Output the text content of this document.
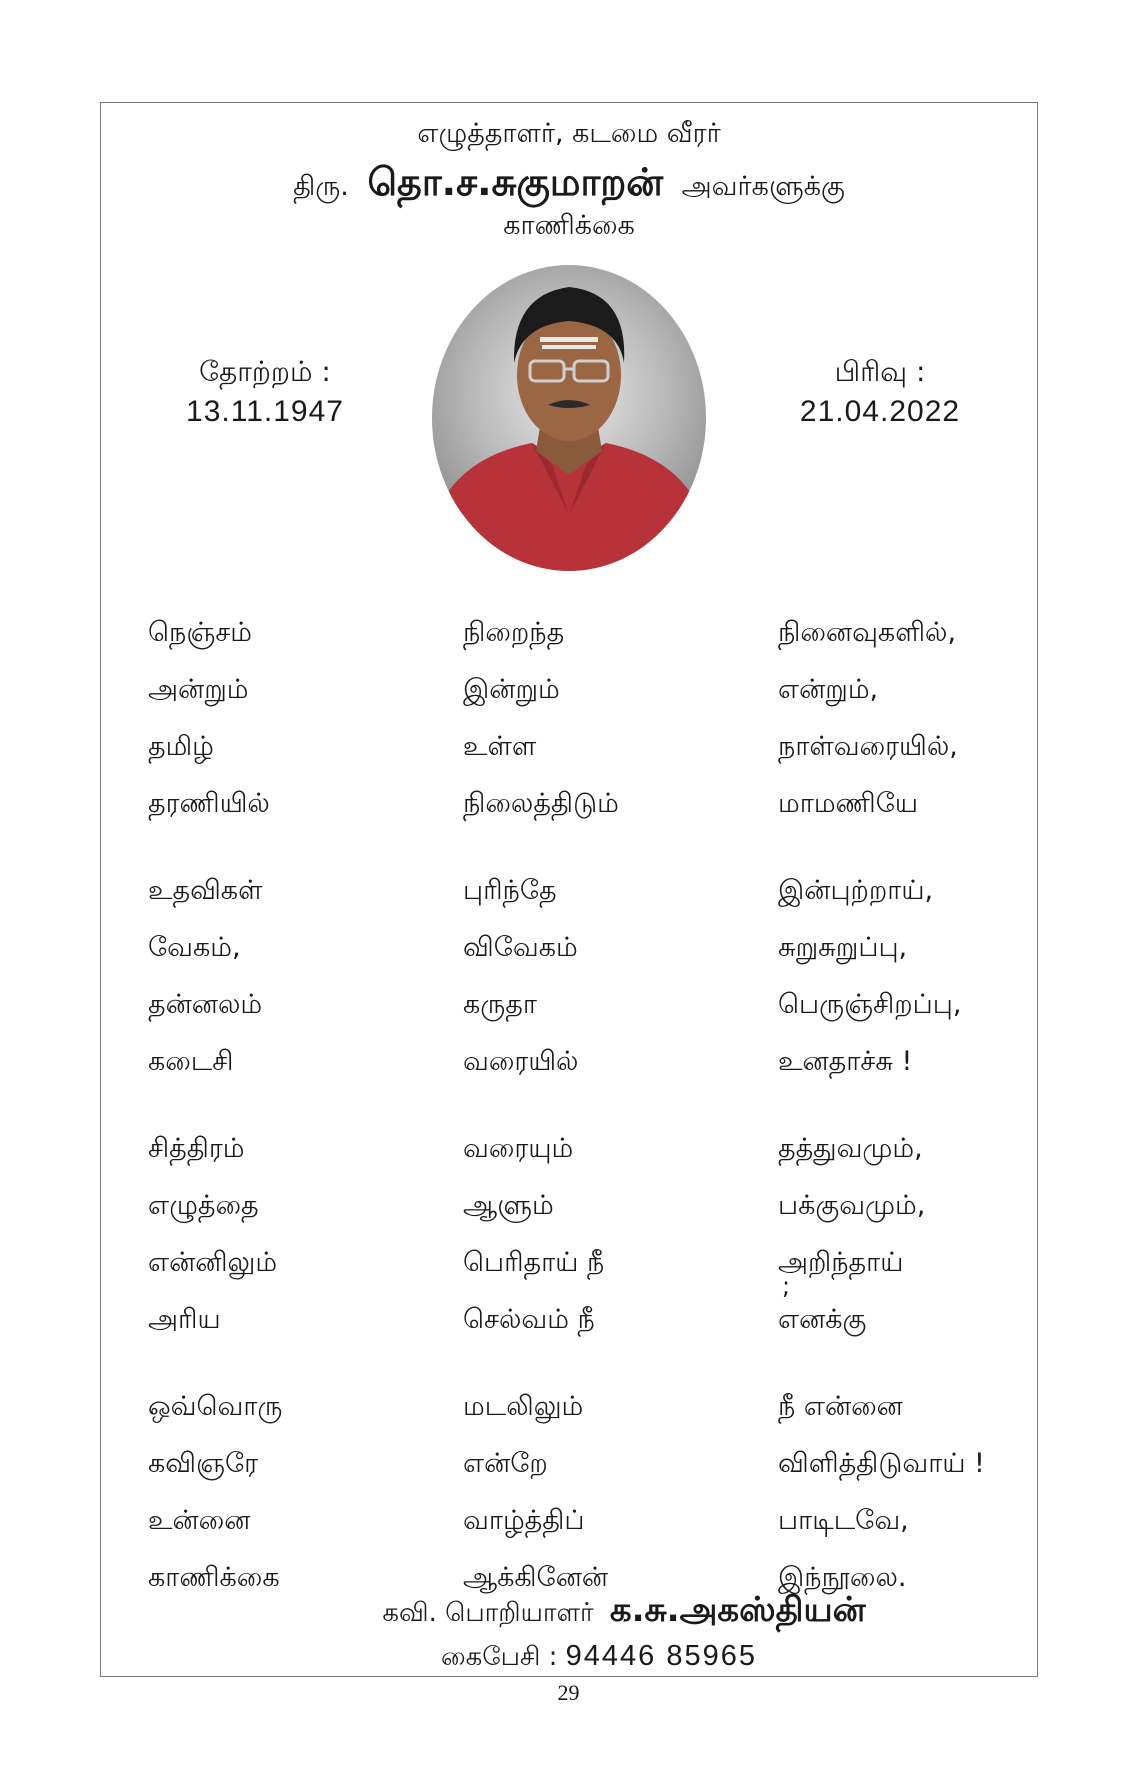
எழுத்தாளர், கடமை வீரர்
திரு. தொ.ச.சுகுமாறன் அவர்களுக்கு
காணிக்கை
தோற்றம் :
13.11.1947
பிரிவு :
21.04.2022
நெஞ்சம்	நிறைந்த	நினைவுகளில்,
அன்றும்	இன்றும்	என்றும்,
தமிழ்	உள்ள	நாள்வரையில்,
தரணியில்	நிலைத்திடும்	மாமணியே
உதவிகள்	புரிந்தே	இன்புற்றாய்,
வேகம்,	விவேகம்	சுறுசுறுப்பு,
தன்னலம்	கருதா	பெருஞ்சிறப்பு,
கடைசி	வரையில்	உனதாச்சு !
சித்திரம்	வரையும்	தத்துவமும்,
எழுத்தை	ஆளும்	பக்குவமும்,
என்னிலும்	பெரிதாய் நீ	அறிந்தாய்
அரிய	செல்வம் நீ	எனக்கு
ஒவ்வொரு	மடலிலும்	நீ என்னை
கவிஞரே	என்றே	விளித்திடுவாய் !
உன்னை	வாழ்த்திப்	பாடிடவே,
காணிக்கை	ஆக்கினேன்	இந்நூலை.
;
கவி. பொறியாளர் க.சு.அகஸ்தியன்
கைபேசி : 94446 85965
29
